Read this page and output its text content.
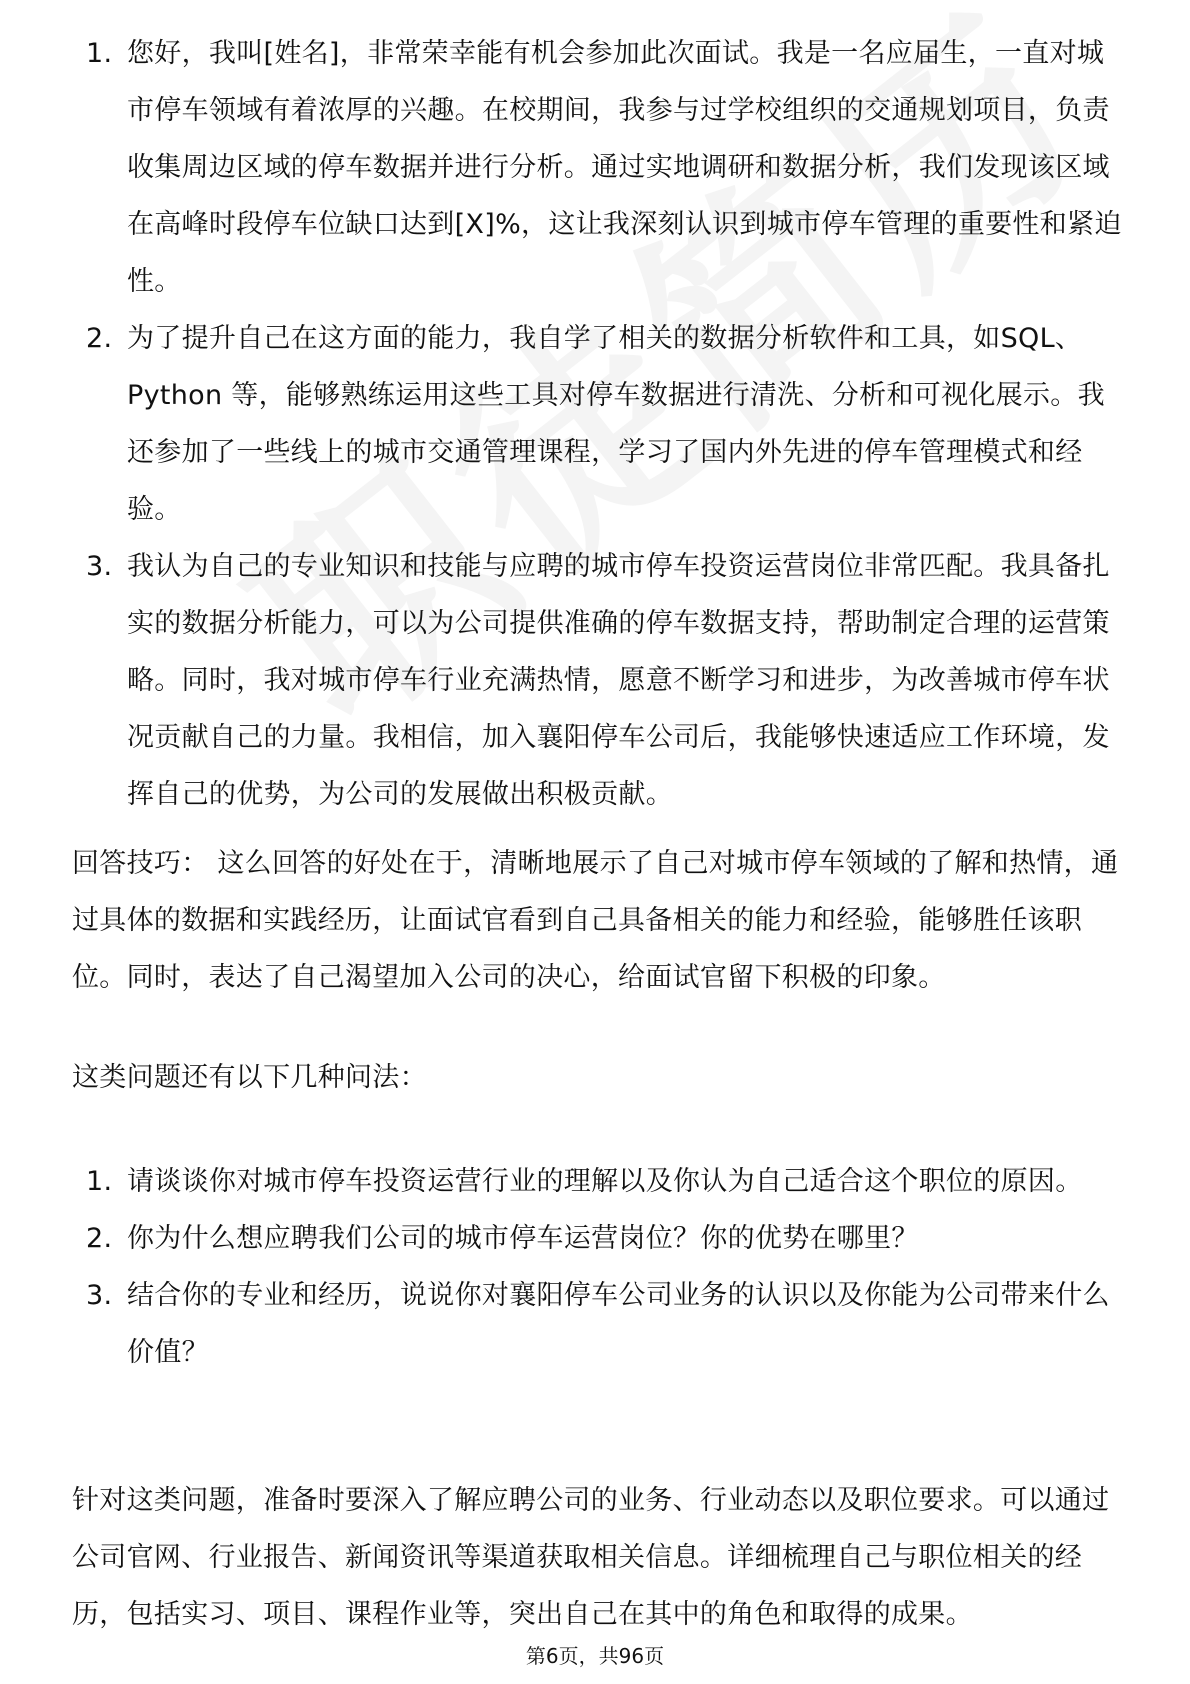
1. 您好，我叫[姓名]，非常荣幸能有机会参加此次面试。我是一名应届生，一直对城市停车领域有着浓厚的兴趣。在校期间，我参与过学校组织的交通规划项目，负责收集周边区域的停车数据并进行分析。通过实地调研和数据分析，我们发现该区域在高峰时段停车位缺口达到[X]%，这让我深刻认识到城市停车管理的重要性和紧迫性。
2. 为了提升自己在这方面的能力，我自学了相关的数据分析软件和工具，如SQL、Python 等，能够熟练运用这些工具对停车数据进行清洗、分析和可视化展示。我还参加了一些线上的城市交通管理课程，学习了国内外先进的停车管理模式和经验。
3. 我认为自己的专业知识和技能与应聘的城市停车投资运营岗位非常匹配。我具备扎实的数据分析能力，可以为公司提供准确的停车数据支持，帮助制定合理的运营策略。同时，我对城市停车行业充满热情，愿意不断学习和进步，为改善城市停车状况贡献自己的力量。我相信，加入襄阳停车公司后，我能够快速适应工作环境，发挥自己的优势，为公司的发展做出积极贡献。

回答技巧： 这么回答的好处在于，清晰地展示了自己对城市停车领域的了解和热情，通过具体的数据和实践经历，让面试官看到自己具备相关的能力和经验，能够胜任该职位。同时，表达了自己渴望加入公司的决心，给面试官留下积极的印象。

这类问题还有以下几种问法：

1. 请谈谈你对城市停车投资运营行业的理解以及你认为自己适合这个职位的原因。
2. 你为什么想应聘我们公司的城市停车运营岗位？你的优势在哪里？
3. 结合你的专业和经历，说说你对襄阳停车公司业务的认识以及你能为公司带来什么价值？

针对这类问题，准备时要深入了解应聘公司的业务、行业动态以及职位要求。可以通过公司官网、行业报告、新闻资讯等渠道获取相关信息。详细梳理自己与职位相关的经历，包括实习、项目、课程作业等，突出自己在其中的角色和取得的成果。

第6页，共96页
